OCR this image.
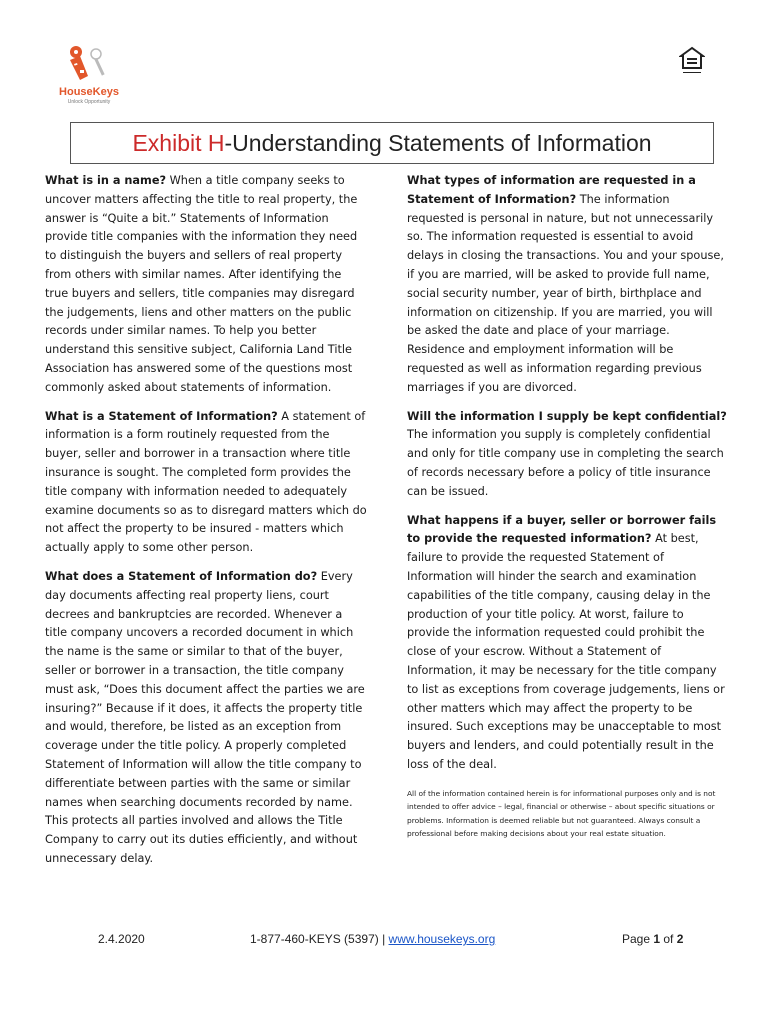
HouseKeys
Unlock Opportunity
Exhibit H -Understanding Statements of Information

What is in a name? When a title company seeks to uncover matters affecting the title to real property, the answer is “Quite a bit.” Statements of Information provide title companies with the information they need to distinguish the buyers and sellers of real property from others with similar names. After identifying the true buyers and sellers, title companies may disregard the judgements, liens and other matters on the public records under similar names. To help you better understand this sensitive subject, California Land Title Association has answered some of the questions most commonly asked about statements of information.

What is a Statement of Information? A statement of information is a form routinely requested from the buyer, seller and borrower in a transaction where title insurance is sought. The completed form provides the title company with information needed to adequately examine documents so as to disregard matters which do not affect the property to be insured - matters which actually apply to some other person.

What does a Statement of Information do? Every day documents affecting real property liens, court decrees and bankruptcies are recorded. Whenever a title company uncovers a recorded document in which the name is the same or similar to that of the buyer, seller or borrower in a transaction, the title company must ask, “Does this document affect the parties we are insuring?” Because if it does, it affects the property title and would, therefore, be listed as an exception from coverage under the title policy. A properly completed Statement of Information will allow the title company to differentiate between parties with the same or similar names when searching documents recorded by name. This protects all parties involved and allows the Title Company to carry out its duties efficiently, and without unnecessary delay.

What types of information are requested in a Statement of Information? The information requested is personal in nature, but not unnecessarily so. The information requested is essential to avoid delays in closing the transactions. You and your spouse, if you are married, will be asked to provide full name, social security number, year of birth, birthplace and information on citizenship. If you are married, you will be asked the date and place of your marriage. Residence and employment information will be requested as well as information regarding previous marriages if you are divorced.

Will the information I supply be kept confidential? The information you supply is completely confidential and only for title company use in completing the search of records necessary before a policy of title insurance can be issued.

What happens if a buyer, seller or borrower fails to provide the requested information? At best, failure to provide the requested Statement of Information will hinder the search and examination capabilities of the title company, causing delay in the production of your title policy. At worst, failure to provide the information requested could prohibit the close of your escrow. Without a Statement of Information, it may be necessary for the title company to list as exceptions from coverage judgements, liens or other matters which may affect the property to be insured. Such exceptions may be unacceptable to most buyers and lenders, and could potentially result in the loss of the deal.

All of the information contained herein is for informational purposes only and is not intended to offer advice – legal, financial or otherwise – about specific situations or problems. Information is deemed reliable but not guaranteed. Always consult a professional before making decisions about your real estate situation.
2.4.2020	1-877-460-KEYS (5397) | www.housekeys.org	Page 1 of 2
